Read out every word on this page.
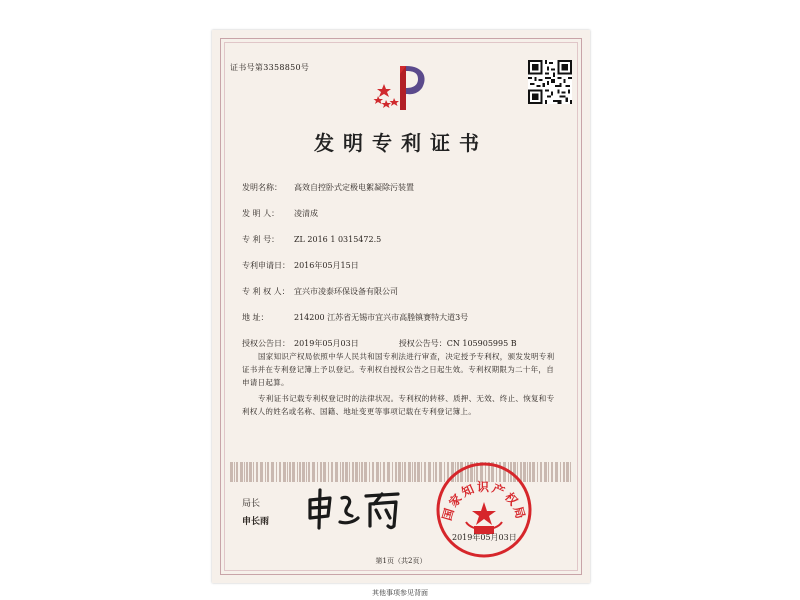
证书号第3358850号
发明专利证书
发明名称： 高效自控卧式定极电絮凝除污装置
发 明 人： 凌清成
专 利 号： ZL 2016 1 0315472.5
专利申请日： 2016年05月15日
专 利 权 人： 宜兴市凌泰环保设备有限公司
地 址：	214200 江苏省无锡市宜兴市高塍镇赛特大道3号
授权公告日： 2019年05月03日	授权公告号：CN 105905995 B
国家知识产权局依照中华人民共和国专利法进行审查，决定授予专利权，颁发发明专利证书并在专利登记簿上予以登记。专利权自授权公告之日起生效。专利权期限为二十年，自申请日起算。
专利证书记载专利权登记时的法律状况。专利权的转移、质押、无效、终止、恢复和专利权人的姓名或名称、国籍、地址变更等事项记载在专利登记簿上。
局长
申长雨	国家知识产权局
2019年05月03日
第1页（共2页）
其他事项参见背面
